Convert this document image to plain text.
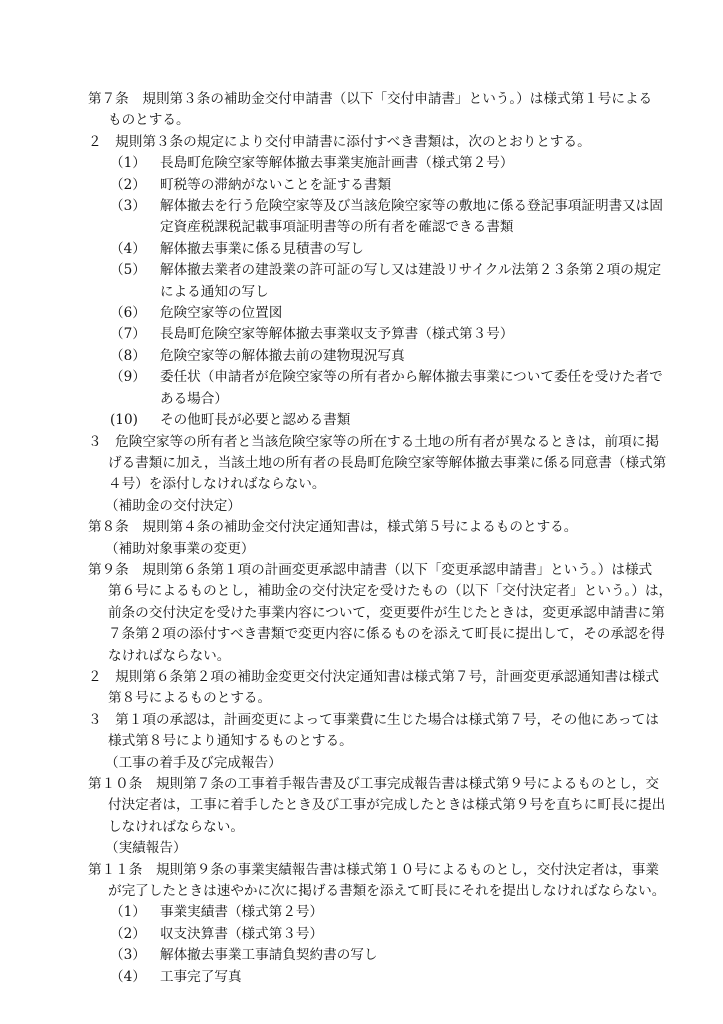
第７条　規則第３条の補助金交付申請書（以下「交付申請書」という。）は様式第１号による
ものとする。
２　規則第３条の規定により交付申請書に添付すべき書類は，次のとおりとする。
（1） 長島町危険空家等解体撤去事業実施計画書（様式第２号）
（2） 町税等の滞納がないことを証する書類
（3） 解体撤去を行う危険空家等及び当該危険空家等の敷地に係る登記事項証明書又は固
定資産税課税記載事項証明書等の所有者を確認できる書類
（4） 解体撤去事業に係る見積書の写し
（5） 解体撤去業者の建設業の許可証の写し又は建設リサイクル法第２３条第２項の規定
による通知の写し
（6） 危険空家等の位置図
（7） 長島町危険空家等解体撤去事業収支予算書（様式第３号）
（8） 危険空家等の解体撤去前の建物現況写真
（9） 委任状（申請者が危険空家等の所有者から解体撤去事業について委任を受けた者で
ある場合）
(10) その他町長が必要と認める書類
３　危険空家等の所有者と当該危険空家等の所在する土地の所有者が異なるときは，前項に掲
げる書類に加え，当該土地の所有者の長島町危険空家等解体撤去事業に係る同意書（様式第
４号）を添付しなければならない。
（補助金の交付決定）
第８条　規則第４条の補助金交付決定通知書は，様式第５号によるものとする。
（補助対象事業の変更）
第９条　規則第６条第１項の計画変更承認申請書（以下「変更承認申請書」という。）は様式
第６号によるものとし，補助金の交付決定を受けたもの（以下「交付決定者」という。）は，
前条の交付決定を受けた事業内容について，変更要件が生じたときは，変更承認申請書に第
７条第２項の添付すべき書類で変更内容に係るものを添えて町長に提出して，その承認を得
なければならない。
２　規則第６条第２項の補助金変更交付決定通知書は様式第７号，計画変更承認通知書は様式
第８号によるものとする。
３　第１項の承認は，計画変更によって事業費に生じた場合は様式第７号，その他にあっては
様式第８号により通知するものとする。
（工事の着手及び完成報告）
第１０条　規則第７条の工事着手報告書及び工事完成報告書は様式第９号によるものとし，交
付決定者は，工事に着手したとき及び工事が完成したときは様式第９号を直ちに町長に提出
しなければならない。
（実績報告）
第１１条　規則第９条の事業実績報告書は様式第１０号によるものとし，交付決定者は，事業
が完了したときは速やかに次に掲げる書類を添えて町長にそれを提出しなければならない。
（1） 事業実績書（様式第２号）
（2） 収支決算書（様式第３号）
（3） 解体撤去事業工事請負契約書の写し
（4） 工事完了写真
